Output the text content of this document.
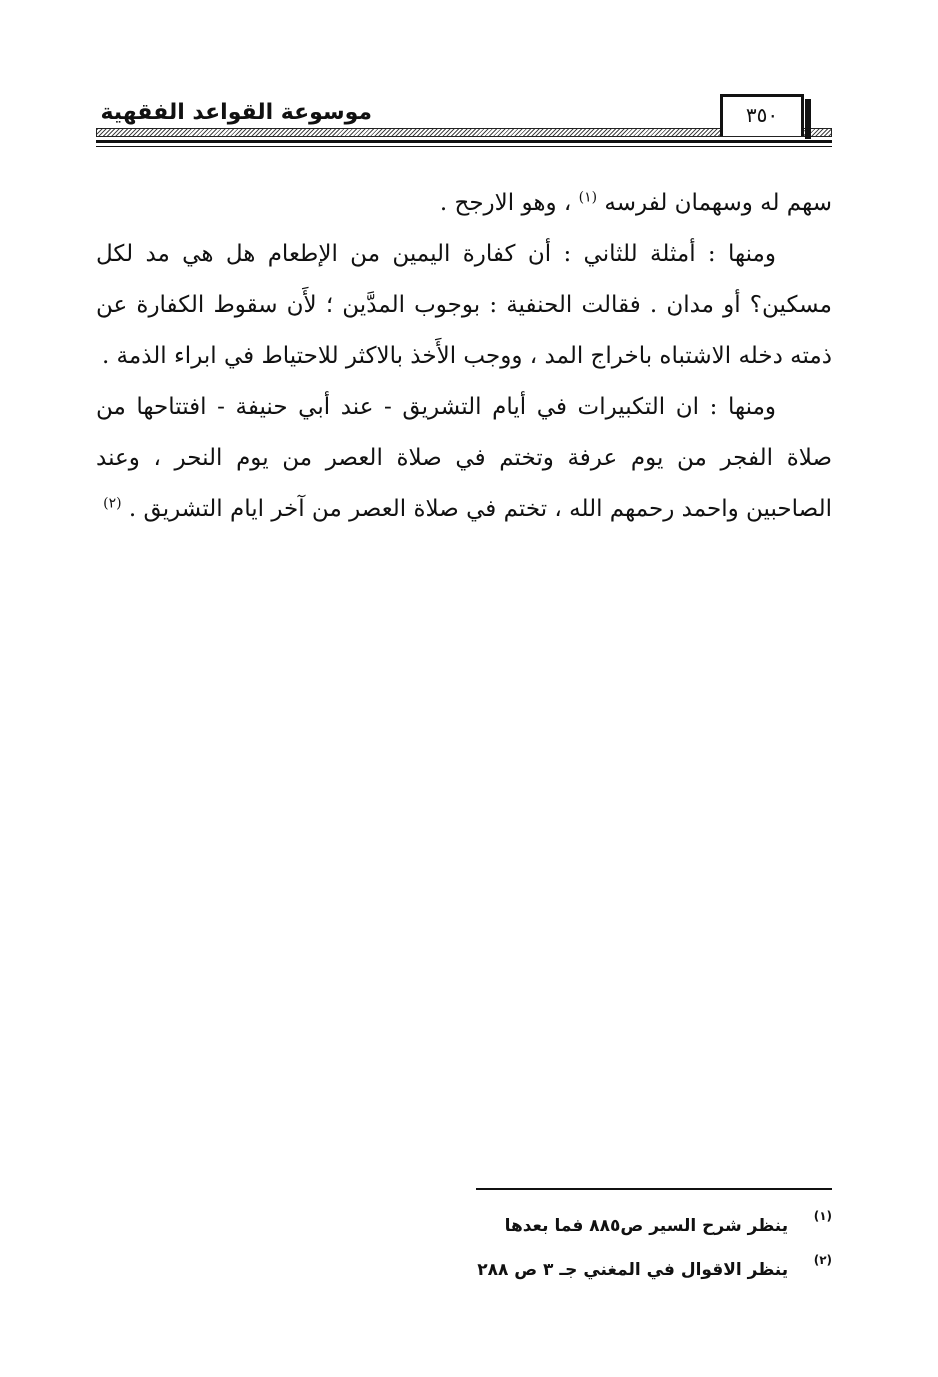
موسوعة القواعد الفقهية	٣٥٠

سهم له وسهمان لفرسه $^{(١)}$ ، وهو الارجح .

ومنها : أمثلة للثاني : أن كفارة اليمين من الإطعام هل هي مد لكل مسكين؟ أو مدان . فقالت الحنفية : بوجوب المدَّين ؛ لأَن سقوط الكفارة عن ذمته دخله الاشتباه باخراج المد ، ووجب الأَخذ بالاكثر للاحتياط في ابراء الذمة .

ومنها : ان التكبيرات في أيام التشريق - عند أبي حنيفة - افتتاحها من صلاة الفجر من يوم عرفة وتختم في صلاة العصر من يوم النحر ، وعند الصاحبين واحمد رحمهم الله ، تختم في صلاة العصر من آخر ايام التشريق . $^{(٢)}$

(١) ينظر شرح السير ص٨٨٥ فما بعدها
(٢) ينظر الاقوال في المغني جـ ٣ ص ٢٨٨
